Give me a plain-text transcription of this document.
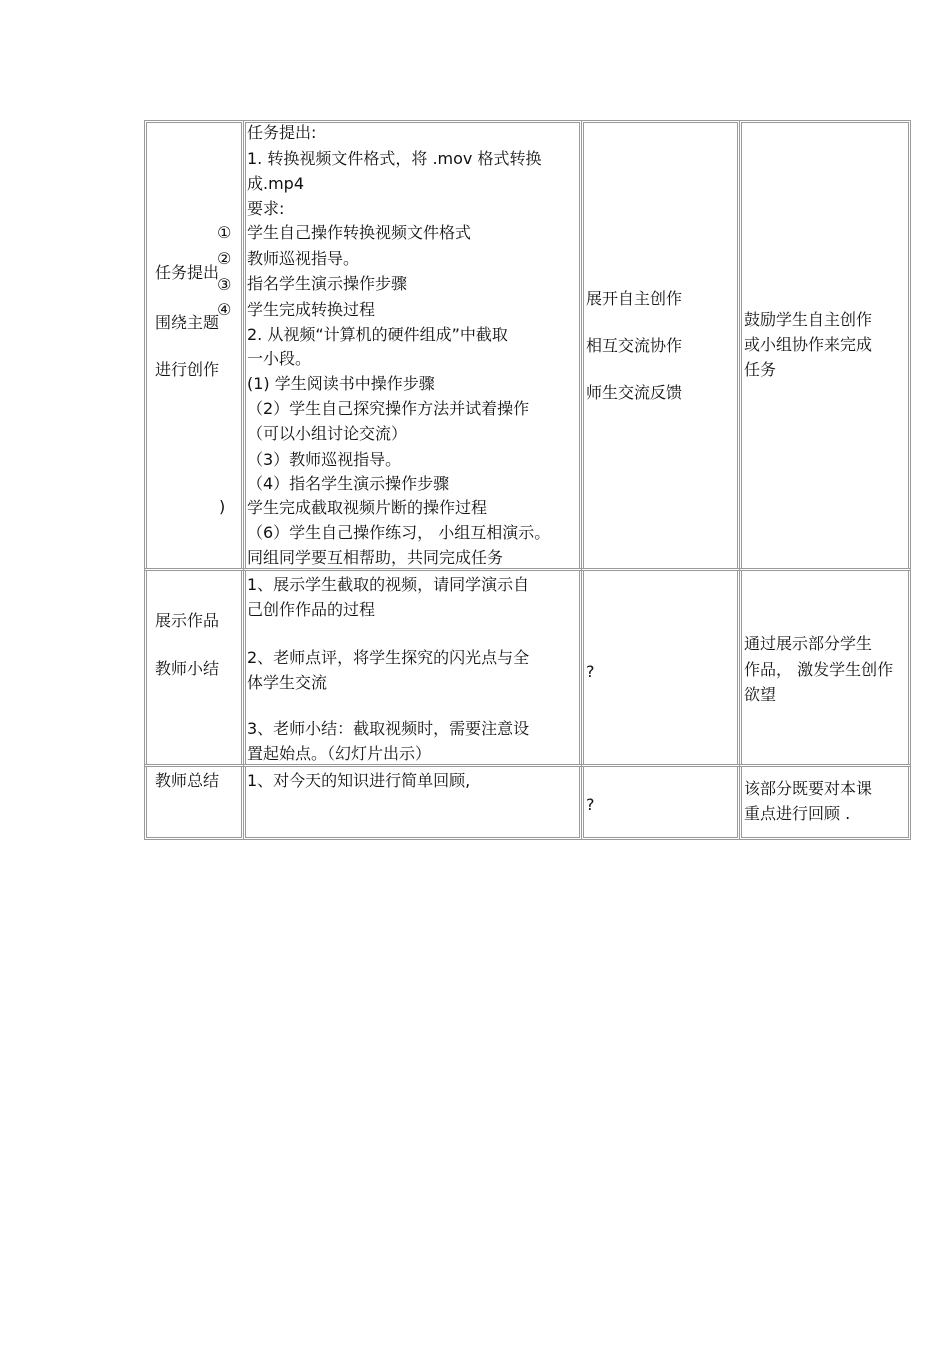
任务提出
围绕主题
进行创作
①
②
③
④
)
任务提出:
1. 转换视频文件格式，将 .mov 格式转换
成.mp4
要求:
学生自己操作转换视频文件格式
教师巡视指导。
指名学生演示操作步骤
学生完成转换过程
2. 从视频“计算机的硬件组成”中截取
一小段。
(1) 学生阅读书中操作步骤
（2）学生自己探究操作方法并试着操作
（可以小组讨论交流）
（3）教师巡视指导。
（4）指名学生演示操作步骤
学生完成截取视频片断的操作过程
（6）学生自己操作练习， 小组互相演示。
同组同学要互相帮助，共同完成任务
展开自主创作
相互交流协作
师生交流反馈
鼓励学生自主创作
或小组协作来完成
任务
展示作品
教师小结
1、展示学生截取的视频，请同学演示自
己创作作品的过程
2、老师点评，将学生探究的闪光点与全
体学生交流
3、老师小结：截取视频时，需要注意设
置起始点。（幻灯片出示）
?
通过展示部分学生
作品， 激发学生创作
欲望
教师总结 1、对今天的知识进行简单回顾,
?
该部分既要对本课
重点进行回顾 .
